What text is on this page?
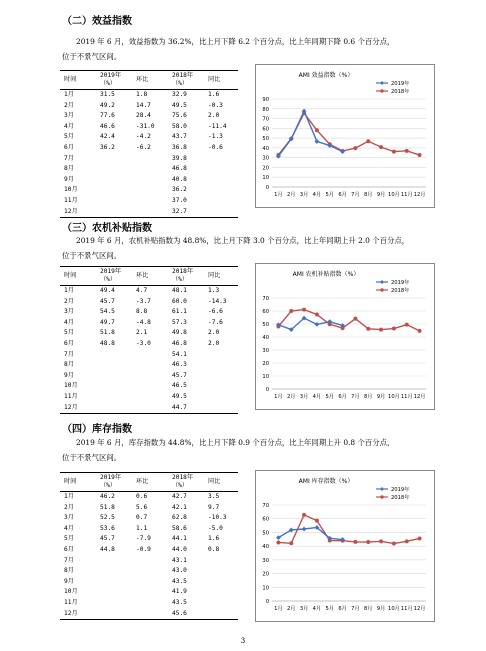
（二）效益指数
2019 年 6 月，效益指数为 36.2%，比上月下降 6.2 个百分点，比上年同期下降 0.6 个百分点，
位于不景气区间。
时间	2019年
（%）	环比	2018年
（%）	同比
1月	31.5	1.8	32.9	1.6
2月	49.2	14.7	49.5	-0.3
3月	77.6	28.4	75.6	2.0
4月	46.6	-31.0	58.0	-11.4
5月	42.4	-4.2	43.7	-1.3
6月	36.2	-6.2	36.8	-0.6
7月			39.8	
8月			46.8	
9月			40.8	
10月			36.2	
11月			37.0	
12月			32.7	
AMI 效益指数（%）
0
10
20
30
40
50
60
70
80
90
1月 2月 3月 4月 5月 6月 7月 8月 9月 10月 11月 12月
2019年
2018年
（三）农机补贴指数
2019 年 6 月，农机补贴指数为 48.8%，比上月下降 3.0 个百分点，比上年同期上升 2.0 个百分点，
位于不景气区间。
时间	2019年
（%）	环比	2018年
（%）	同比
1月	49.4	4.7	48.1	1.3
2月	45.7	-3.7	60.0	-14.3
3月	54.5	8.8	61.1	-6.6
4月	49.7	-4.8	57.3	-7.6
5月	51.8	2.1	49.8	2.0
6月	48.8	-3.0	46.8	2.0
7月			54.1	
8月			46.3	
9月			45.7	
10月			46.5	
11月			49.5	
12月			44.7	
AMI 农机补贴指数（%）
0
10
20
30
40
50
60
70
1月 2月 3月 4月 5月 6月 7月 8月 9月 10月 11月 12月
2019年
2018年
（四）库存指数
2019 年 6 月，库存指数为 44.8%，比上月下降 0.9 个百分点，比上年同期上升 0.8 个百分点，
位于不景气区间。
时间	2019年
（%）	环比	2018年
（%）	同比
1月	46.2	0.6	42.7	3.5
2月	51.8	5.6	42.1	9.7
3月	52.5	0.7	62.8	-10.3
4月	53.6	1.1	58.6	-5.0
5月	45.7	-7.9	44.1	1.6
6月	44.8	-0.9	44.0	0.8
7月			43.1	
8月			43.0	
9月			43.5	
10月			41.9	
11月			43.5	
12月			45.6	
AMI 库存指数（%）
0
10
20
30
40
50
60
70
1月 2月 3月 4月 5月 6月 7月 8月 9月 10月 11月 12月
2019年
2018年
3
